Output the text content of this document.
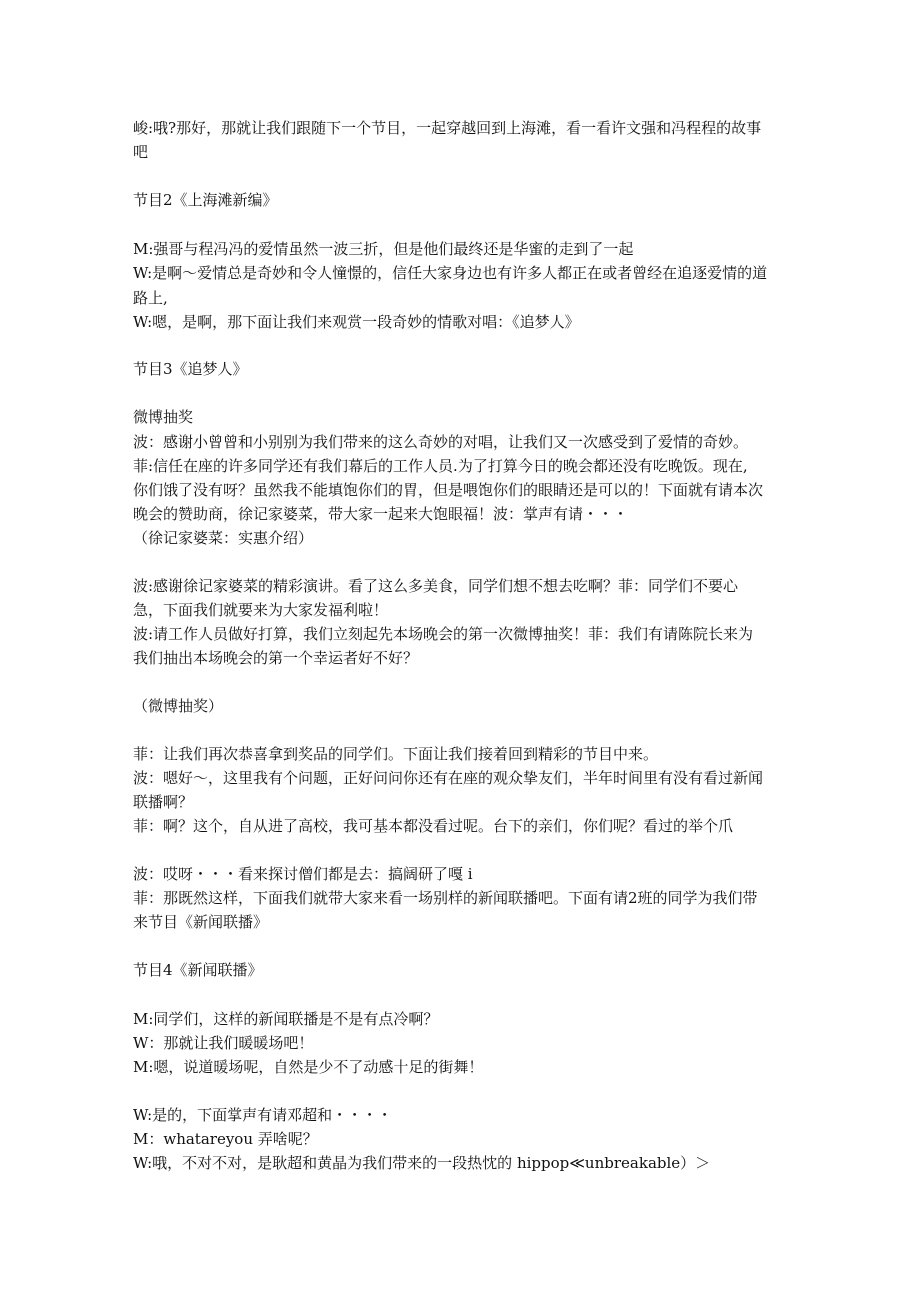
峻:哦?那好，那就让我们跟随下一个节目，一起穿越回到上海滩，看一看许文强和冯程程的故事
吧
节目2《上海滩新编》
M:强哥与程冯冯的爱情虽然一波三折，但是他们最终还是华蜜的走到了一起
W:是啊～爱情总是奇妙和令人憧憬的，信任大家身边也有许多人都正在或者曾经在追逐爱情的道
路上,
W:嗯，是啊，那下面让我们来观赏一段奇妙的情歌对唱：《追梦人》
节目3《追梦人》
微博抽奖
波：感谢小曾曾和小别别为我们带来的这么奇妙的对唱，让我们又一次感受到了爱情的奇妙。
菲:信任在座的许多同学还有我们幕后的工作人员.为了打算今日的晚会都还没有吃晚饭。现在,
你们饿了没有呀？虽然我不能填饱你们的胃，但是喂饱你们的眼睛还是可以的！下面就有请本次
晚会的赞助商，徐记家婆菜，带大家一起来大饱眼福！波：掌声有请・・・
（徐记家婆菜：实惠介绍）
波:感谢徐记家婆菜的精彩演讲。看了这么多美食，同学们想不想去吃啊？菲：同学们不要心
急，下面我们就要来为大家发福利啦！
波:请工作人员做好打算，我们立刻起先本场晚会的第一次微博抽奖！菲：我们有请陈院长来为
我们抽出本场晚会的第一个幸运者好不好？
（微博抽奖）
菲：让我们再次恭喜拿到奖品的同学们。下面让我们接着回到精彩的节目中来。
波：嗯好～，这里我有个问题，正好问问你还有在座的观众挚友们，半年时间里有没有看过新闻
联播啊？
菲：啊？这个，自从进了高校，我可基本都没看过呢。台下的亲们，你们呢？看过的举个爪
波：哎呀・・・看来探讨僧们都是去：搞阔研了嘎 i
菲：那既然这样，下面我们就带大家来看一场别样的新闻联播吧。下面有请2班的同学为我们带
来节目《新闻联播》
节目4《新闻联播》
M:同学们，这样的新闻联播是不是有点冷啊？
W：那就让我们暖暖场吧！
M:嗯，说道暖场呢，自然是少不了动感十足的街舞！
W:是的，下面掌声有请邓超和・・・・
M：whatareyou 弄啥呢？
W:哦，不对不对，是耿超和黄晶为我们带来的一段热忱的 hippop≪unbreakable）＞
